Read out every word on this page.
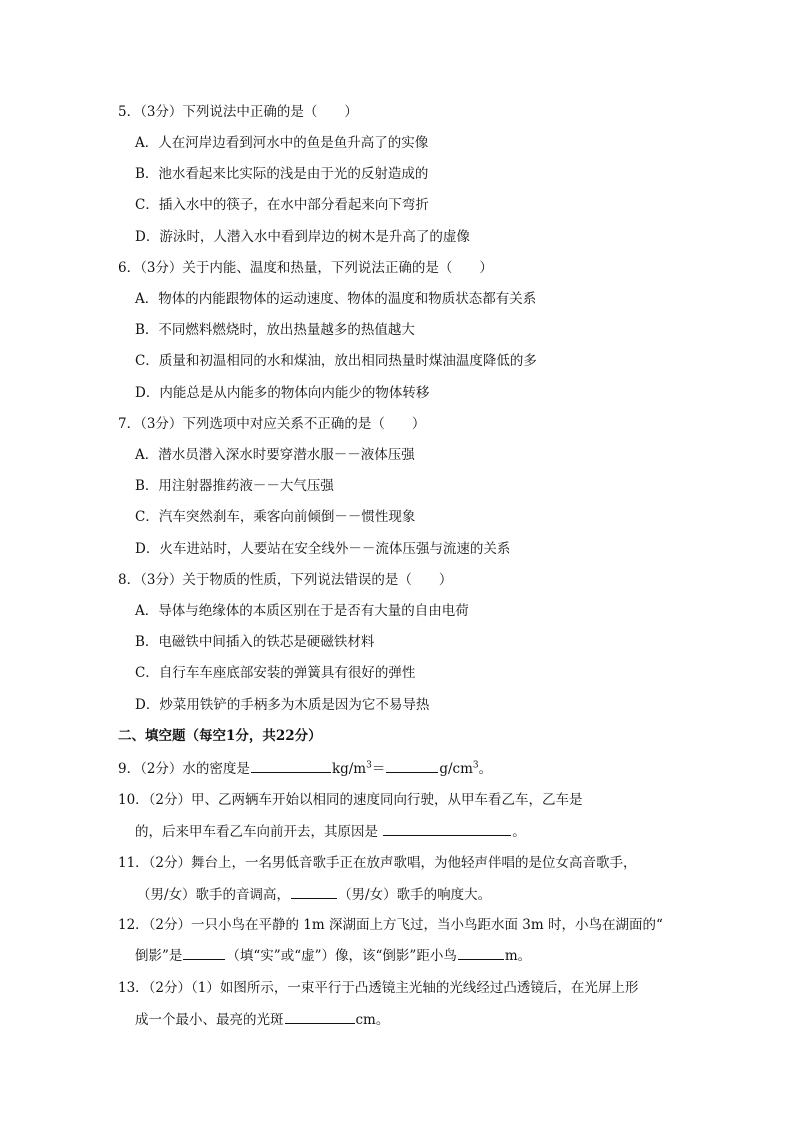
5．（3分）下列说法中正确的是（　　）
A．人在河岸边看到河水中的鱼是鱼升高了的实像
B．池水看起来比实际的浅是由于光的反射造成的
C．插入水中的筷子，在水中部分看起来向下弯折
D．游泳时，人潜入水中看到岸边的树木是升高了的虚像
6．（3分）关于内能、温度和热量，下列说法正确的是（　　）
A．物体的内能跟物体的运动速度、物体的温度和物质状态都有关系
B．不同燃料燃烧时，放出热量越多的热值越大
C．质量和初温相同的水和煤油，放出相同热量时煤油温度降低的多
D．内能总是从内能多的物体向内能少的物体转移
7．（3分）下列选项中对应关系不正确的是（　　）
A．潜水员潜入深水时要穿潜水服－－液体压强
B．用注射器推药液－－大气压强
C．汽车突然刹车，乘客向前倾倒－－惯性现象
D．火车进站时，人要站在安全线外－－流体压强与流速的关系
8．（3分）关于物质的性质，下列说法错误的是（　　）
A．导体与绝缘体的本质区别在于是否有大量的自由电荷
B．电磁铁中间插入的铁芯是硬磁铁材料
C．自行车车座底部安装的弹簧具有很好的弹性
D．炒菜用铁铲的手柄多为木质是因为它不易导热
二、填空题（每空1分，共22分）
9．（2分）水的密度是	$kg/m^3=$	$g/cm^3$。
10．（2分）甲、乙两辆车开始以相同的速度同向行驶，从甲车看乙车，乙车是
的，后来甲车看乙车向前开去，其原因是	。
11．（2分）舞台上，一名男低音歌手正在放声歌唱，为他轻声伴唱的是位女高音歌手，
（男/女）歌手的音调高，	（男/女）歌手的响度大。
12．（2分）一只小鸟在平静的 1m 深湖面上方飞过，当小鸟距水面 3m 时，小鸟在湖面的“
倒影”是	（填“实”或“虚”）像，该“倒影”距小鸟	m。
13．（2分）（1）如图所示，一束平行于凸透镜主光轴的光线经过凸透镜后，在光屏上形
成一个最小、最亮的光斑	cm。
